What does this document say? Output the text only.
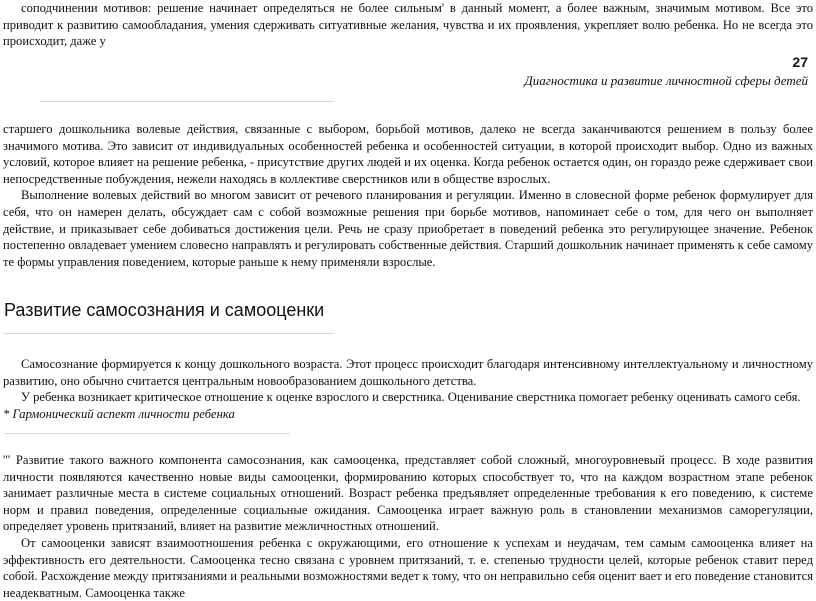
соподчинении мотивов: решение начинает определяться не более сильным' в данный момент, а более важным, значимым мотивом. Все это приводит к развитию самообладания, умения сдерживать ситуативные желания, чувства и их проявления, укрепляет волю ребенка. Но не всегда это происходит, даже у

27
Диагностика и развитие личностной сферы детей

старшего дошкольника волевые действия, связанные с выбором, борьбой мотивов, далеко не всегда заканчиваются решением в пользу более значимого мотива. Это зависит от индивидуальных особенностей ребенка и особенностей ситуации, в которой происходит выбор. Одно из важных условий, которое влияет на решение ребенка, - присутствие других людей и их оценка. Когда ребенок остается один, он гораздо реже сдерживает свои непосредственные побуждения, нежели находясь в коллективе сверстников или в обществе взрослых.

Выполнение волевых действий во многом зависит от речевого планирования и регуляции. Именно в словесной форме ребенок формулирует для себя, что он намерен делать, обсуждает сам с собой возможные решения при борьбе мотивов, напоминает себе о том, для чего он выполняет действие, и приказывает себе добиваться достижения цели. Речь не сразу приобретает в поведений ребенка это регулирующее значение. Ребенок постепенно овладевает умением словесно направлять и регулировать собственные действия. Старший дошкольник начинает применять к себе самому те формы управления поведением, которые раньше к нему применяли взрослые.

Развитие самосознания и самооценки

Самосознание формируется к концу дошкольного возраста. Этот процесс происходит благодаря интенсивному интеллектуальному и личностному развитию, оно обычно считается центральным новообразованием дошкольного детства.

У ребенка возникает критическое отношение к оценке взрослого и сверстника. Оценивание сверстника помогает ребенку оценивать самого себя.

* Гармонический аспект личности ребенка

'" Развитие такого важного компонента самосознания, как самооценка, представляет собой сложный, многоуровневый процесс. В ходе развития личности появляются качественно новые виды самооценки, формированию которых способствует то, что на каждом возрастном этапе ребенок занимает различные места в системе социальных отношений. Возраст ребенка предъявляет определенные требования к его поведению, к системе норм и правил поведения, определенные социальные ожидания. Самооценка играет важную роль в становлении механизмов саморегуляции, определяет уровень притязаний, влияет на развитие межличностных отношений.

От самооценки зависят взаимоотношения ребенка с окружающими, его отношение к успехам и неудачам, тем самым самооценка влияет на эффективность его деятельности. Самооценка тесно связана с уровнем притязаний, т. е. степенью трудности целей, которые ребенок ставит перед собой. Расхождение между притязаниями и реальными возможностями ведет к тому, что он неправильно себя оценит вает и его поведение становится неадекватным. Самооценка также
